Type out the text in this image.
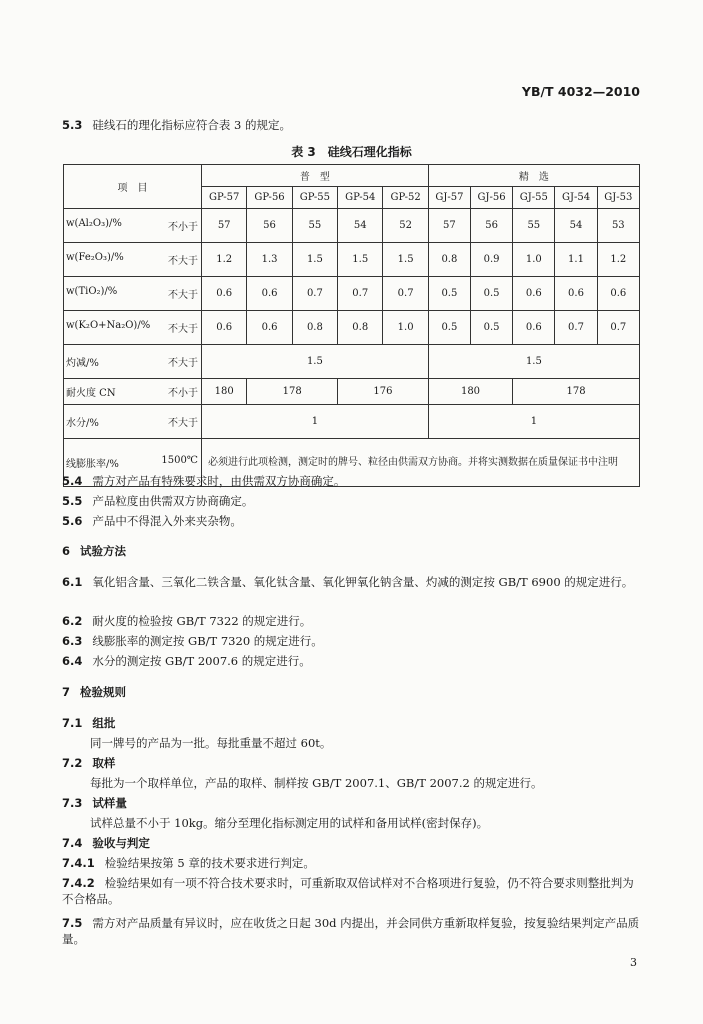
YB/T 4032—2010
5.3 硅线石的理化指标应符合表 3 的规定。
表 3　硅线石理化指标
项　目	普　型					精　选				
	GP-57	GP-56	GP-55	GP-54	GP-52	GJ-57	GJ-56	GJ-55	GJ-54	GJ-53
w(Al₂O₃)/% 不小于	57	56	55	54	52	57	56	55	54	53
w(Fe₂O₃)/% 不大于	1.2	1.3	1.5	1.5	1.5	0.8	0.9	1.0	1.1	1.2
w(TiO₂)/% 不大于	0.6	0.6	0.7	0.7	0.7	0.5	0.5	0.6	0.6	0.6
w(K₂O+Na₂O)/% 不大于	0.6	0.6	0.8	0.8	1.0	0.5	0.5	0.6	0.7	0.7
灼减/% 不大于	1.5					1.5				
耐火度 CN 不小于	180	178		176		180		178		
水分/% 不大于	1					1				
线膨胀率/% 1500℃	必须进行此项检测，测定时的牌号、粒径由供需双方协商。并将实测数据在质量保证书中注明									
5.4 需方对产品有特殊要求时，由供需双方协商确定。
5.5 产品粒度由供需双方协商确定。
5.6 产品中不得混入外来夹杂物。
6 试验方法
6.1 氧化铝含量、三氧化二铁含量、氧化钛含量、氧化钾氧化钠含量、灼减的测定按 GB/T 6900 的规定进行。
6.2 耐火度的检验按 GB/T 7322 的规定进行。
6.3 线膨胀率的测定按 GB/T 7320 的规定进行。
6.4 水分的测定按 GB/T 2007.6 的规定进行。
7 检验规则
7.1 组批
同一牌号的产品为一批。每批重量不超过 60t。
7.2 取样
每批为一个取样单位，产品的取样、制样按 GB/T 2007.1、GB/T 2007.2 的规定进行。
7.3 试样量
试样总量不小于 10kg。缩分至理化指标测定用的试样和备用试样(密封保存)。
7.4 验收与判定
7.4.1 检验结果按第 5 章的技术要求进行判定。
7.4.2 检验结果如有一项不符合技术要求时，可重新取双倍试样对不合格项进行复验，仍不符合要求则整批判为不合格品。
7.5 需方对产品质量有异议时，应在收货之日起 30d 内提出，并会同供方重新取样复验，按复验结果判定产品质量。
3
